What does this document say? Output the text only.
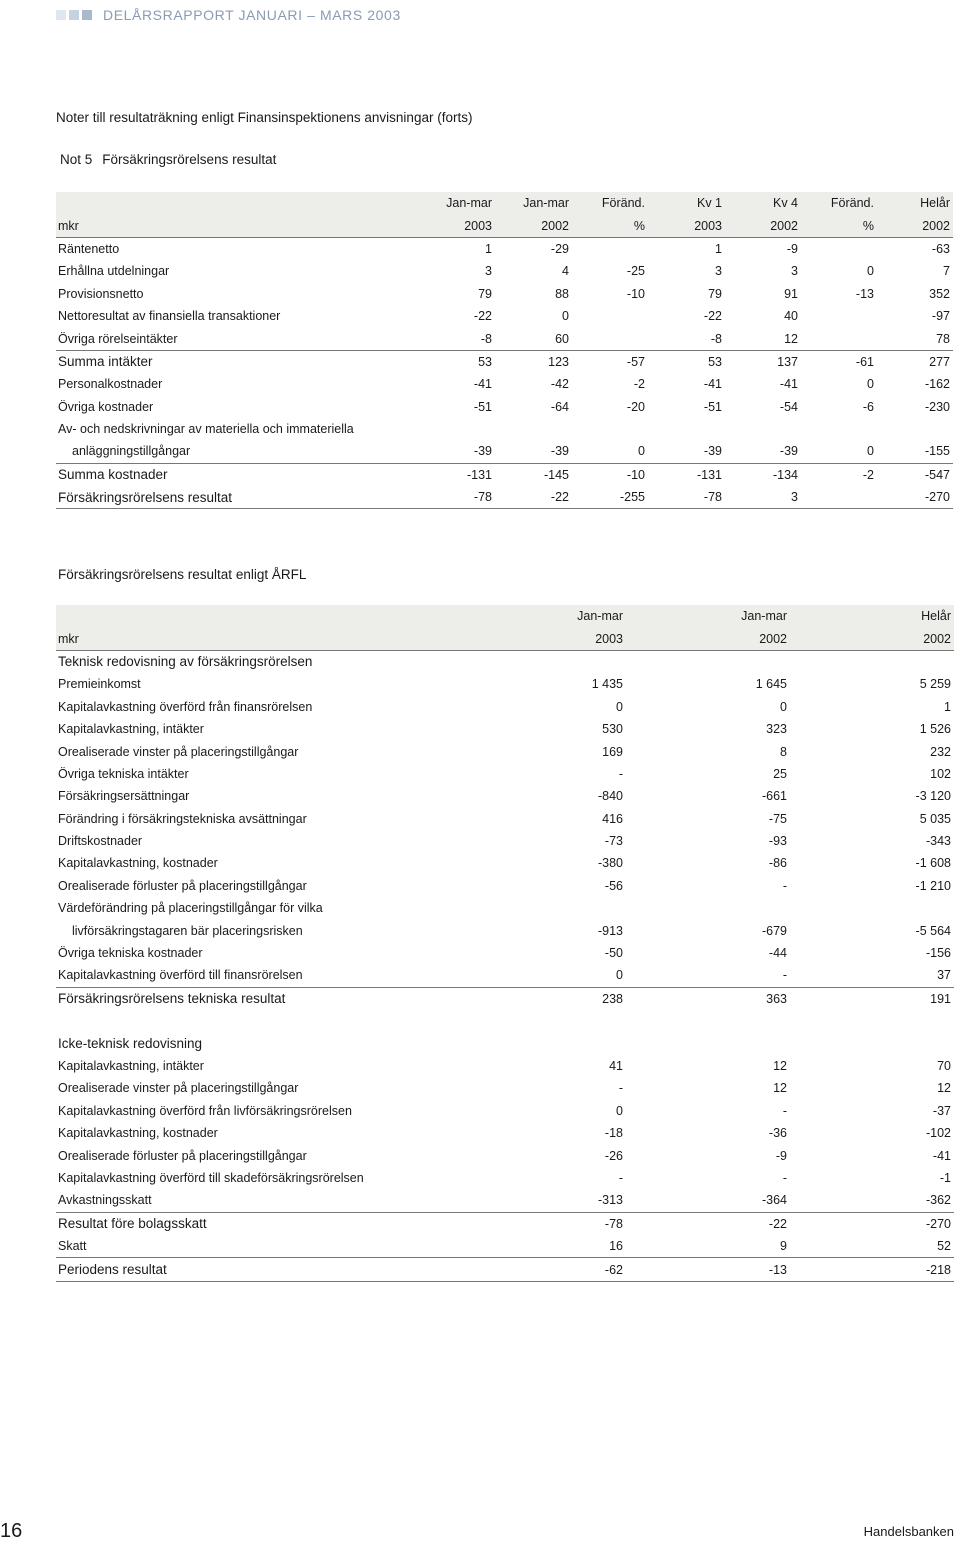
DELÅRSRAPPORT JANUARI – MARS 2003
Noter till resultaträkning enligt Finansinspektionens anvisningar (forts)
Not 5 Försäkringsrörelsens resultat
	Jan-mar	Jan-mar	Föränd.	Kv 1	Kv 4	Föränd.	Helår
mkr	2003	2002	%	2003	2002	%	2002
Räntenetto	1	-29		1	-9		-63
Erhållna utdelningar	3	4	-25	3	3	0	7
Provisionsnetto	79	88	-10	79	91	-13	352
Nettoresultat av finansiella transaktioner	-22	0		-22	40		-97
Övriga rörelseintäkter	-8	60		-8	12		78
Summa intäkter	53	123	-57	53	137	-61	277
Personalkostnader	-41	-42	-2	-41	-41	0	-162
Övriga kostnader	-51	-64	-20	-51	-54	-6	-230
Av- och nedskrivningar av materiella och immateriella							
anläggningstillgångar	-39	-39	0	-39	-39	0	-155
Summa kostnader	-131	-145	-10	-131	-134	-2	-547
Försäkringsrörelsens resultat	-78	-22	-255	-78	3		-270
Försäkringsrörelsens resultat enligt ÅRFL
	Jan-mar	Jan-mar	Helår
mkr	2003	2002	2002
Teknisk redovisning av försäkringsrörelsen			
Premieinkomst	1 435	1 645	5 259
Kapitalavkastning överförd från finansrörelsen	0	0	1
Kapitalavkastning, intäkter	530	323	1 526
Orealiserade vinster på placeringstillgångar	169	8	232
Övriga tekniska intäkter	-	25	102
Försäkringsersättningar	-840	-661	-3 120
Förändring i försäkringstekniska avsättningar	416	-75	5 035
Driftskostnader	-73	-93	-343
Kapitalavkastning, kostnader	-380	-86	-1 608
Orealiserade förluster på placeringstillgångar	-56	-	-1 210
Värdeförändring på placeringstillgångar för vilka			
livförsäkringstagaren bär placeringsrisken	-913	-679	-5 564
Övriga tekniska kostnader	-50	-44	-156
Kapitalavkastning överförd till finansrörelsen	0	-	37
Försäkringsrörelsens tekniska resultat	238	363	191

Icke-teknisk redovisning			
Kapitalavkastning, intäkter	41	12	70
Orealiserade vinster på placeringstillgångar	-	12	12
Kapitalavkastning överförd från livförsäkringsrörelsen	0	-	-37
Kapitalavkastning, kostnader	-18	-36	-102
Orealiserade förluster på placeringstillgångar	-26	-9	-41
Kapitalavkastning överförd till skadeförsäkringsrörelsen	-	-	-1
Avkastningsskatt	-313	-364	-362
Resultat före bolagsskatt	-78	-22	-270
Skatt	16	9	52
Periodens resultat	-62	-13	-218
16	Handelsbanken
